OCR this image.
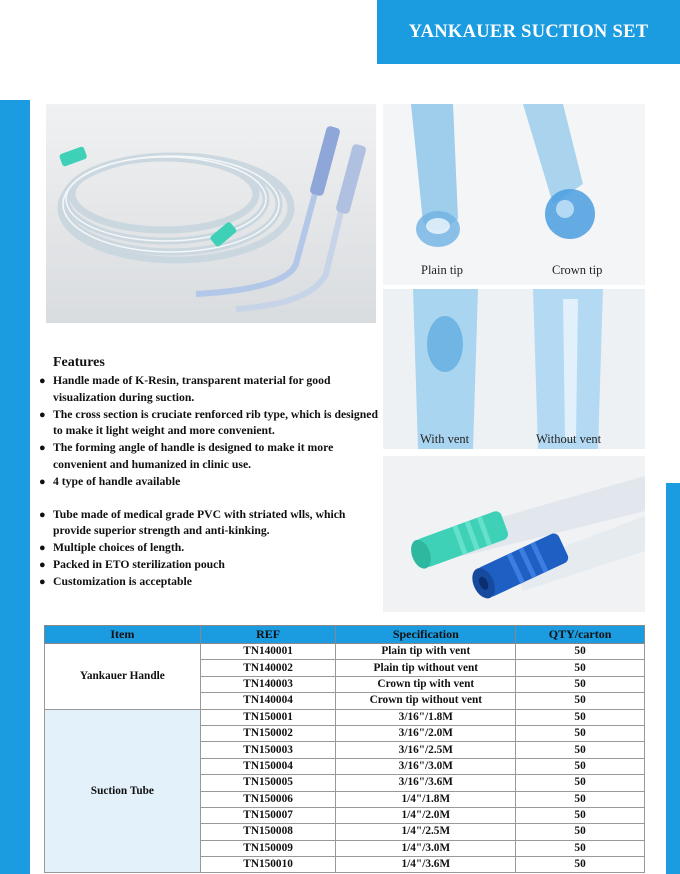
YANKAUER SUCTION SET
Plain tip	Crown tip
With vent	Without vent
Features
● Handle made of K-Resin, transparent material for good visualization during suction.
● The cross section is cruciate renforced rib type, which is designed to make it light weight and more convenient.
● The forming angle of handle is designed to make it more convenient and humanized in clinic use.
● 4 type of handle available
● Tube made of medical grade PVC with striated wlls, which provide superior strength and anti-kinking.
● Multiple choices of length.
● Packed in ETO sterilization pouch
● Customization is acceptable
Item	REF	Specification	QTY/carton
Yankauer Handle	TN140001	Plain tip with vent	50
	TN140002	Plain tip without vent	50
	TN140003	Crown tip with vent	50
	TN140004	Crown tip without vent	50
Suction Tube	TN150001	3/16"/1.8M	50
	TN150002	3/16"/2.0M	50
	TN150003	3/16"/2.5M	50
	TN150004	3/16"/3.0M	50
	TN150005	3/16"/3.6M	50
	TN150006	1/4"/1.8M	50
	TN150007	1/4"/2.0M	50
	TN150008	1/4"/2.5M	50
	TN150009	1/4"/3.0M	50
	TN150010	1/4"/3.6M	50
